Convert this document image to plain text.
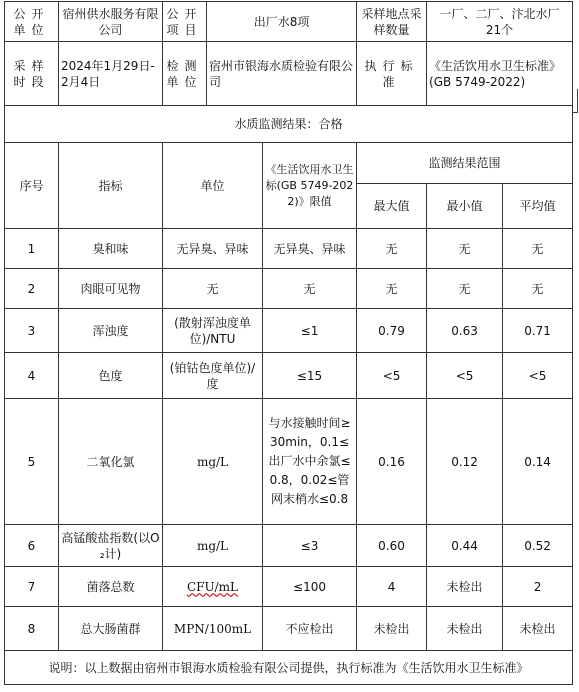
公开单位	宿州供水服务有限公司	公开项目	出厂水8项		采样地点采样数量	一厂、二厂、汴北水厂
21个	

采样时段	2024年1月29日-2月4日	检测单位	宿州市银海水质检验有限公司		执行标准	《生活饮用水卫生标准》(GB 5749-2022)	
水质监测结果：合格							
序号	指标	单位		《生活饮用水卫生标(GB 5749-2022)》限值	监测结果范围		
					最大值	最小值	平均值
1	臭和味	无异臭、异味		无异臭、异味	无	无	无
2	肉眼可见物	无		无	无	无	无
3	浑浊度	(散射浑浊度单位)/NTU		≤1	0.79	0.63	0.71
4	色度	(铂钴色度单位)/度		≤15	<5	<5	<5
5	二氧化氯	mg/L		与水接触时间≥30min，0.1≤出厂水中余氯≤0.8，0.02≤管网末梢水≤0.8	0.16	0.12	0.14
6	高锰酸盐指数(以O₂计)	mg/L		≤3	0.60	0.44	0.52
7	菌落总数	CFU/mL		≤100	4	未检出	2
8	总大肠菌群	MPN/100mL		不应检出	未检出	未检出	未检出
说明：以上数据由宿州市银海水质检验有限公司提供，执行标准为《生活饮用水卫生标准》							
